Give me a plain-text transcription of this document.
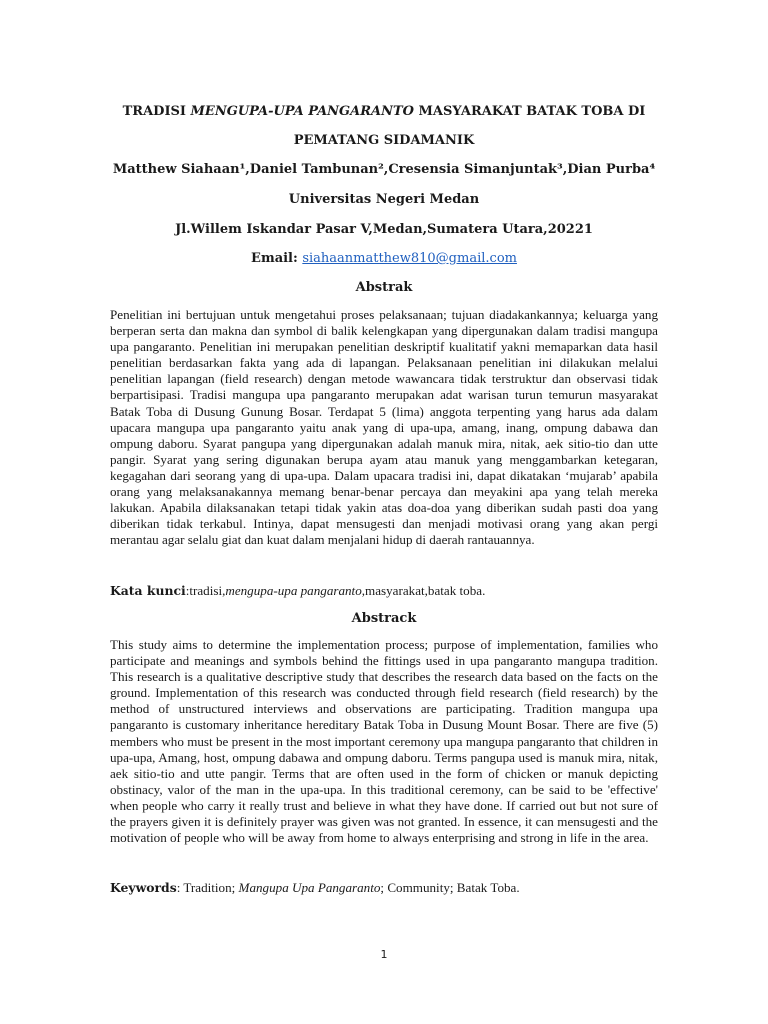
TRADISI MENGUPA-UPA PANGARANTO MASYARAKAT BATAK TOBA DI
PEMATANG SIDAMANIK
Matthew Siahaan¹,Daniel Tambunan²,Cresensia Simanjuntak³,Dian Purba⁴
Universitas Negeri Medan
Jl.Willem Iskandar Pasar V,Medan,Sumatera Utara,20221
Email: siahaanmatthew810@gmail.com
Abstrak

Penelitian ini bertujuan untuk mengetahui proses pelaksanaan; tujuan diadakankannya; keluarga yang berperan serta dan makna dan symbol di balik kelengkapan yang dipergunakan dalam tradisi mangupa upa pangaranto. Penelitian ini merupakan penelitian deskriptif kualitatif yakni memaparkan data hasil penelitian berdasarkan fakta yang ada di lapangan. Pelaksanaan penelitian ini dilakukan melalui penelitian lapangan (field research) dengan metode wawancara tidak terstruktur dan observasi tidak berpartisipasi. Tradisi mangupa upa pangaranto merupakan adat warisan turun temurun masyarakat Batak Toba di Dusung Gunung Bosar. Terdapat 5 (lima) anggota terpenting yang harus ada dalam upacara mangupa upa pangaranto yaitu anak yang di upa-upa, amang, inang, ompung dabawa dan ompung daboru. Syarat pangupa yang dipergunakan adalah manuk mira, nitak, aek sitio-tio dan utte pangir. Syarat yang sering digunakan berupa ayam atau manuk yang menggambarkan ketegaran, kegagahan dari seorang yang di upa-upa. Dalam upacara tradisi ini, dapat dikatakan ‘mujarab’ apabila orang yang melaksanakannya memang benar-benar percaya dan meyakini apa yang telah mereka lakukan. Apabila dilaksanakan tetapi tidak yakin atas doa-doa yang diberikan sudah pasti doa yang diberikan tidak terkabul. Intinya, dapat mensugesti dan menjadi motivasi orang yang akan pergi merantau agar selalu giat dan kuat dalam menjalani hidup di daerah rantauannya.

Kata kunci:tradisi,mengupa-upa pangaranto,masyarakat,batak toba.
Abstrack

This study aims to determine the implementation process; purpose of implementation, families who participate and meanings and symbols behind the fittings used in upa pangaranto mangupa tradition. This research is a qualitative descriptive study that describes the research data based on the facts on the ground. Implementation of this research was conducted through field research (field research) by the method of unstructured interviews and observations are participating. Tradition mangupa upa pangaranto is customary inheritance hereditary Batak Toba in Dusung Mount Bosar. There are five (5) members who must be present in the most important ceremony upa mangupa pangaranto that children in upa-upa, Amang, host, ompung dabawa and ompung daboru. Terms pangupa used is manuk mira, nitak, aek sitio-tio and utte pangir. Terms that are often used in the form of chicken or manuk depicting obstinacy, valor of the man in the upa-upa. In this traditional ceremony, can be said to be 'effective' when people who carry it really trust and believe in what they have done. If carried out but not sure of the prayers given it is definitely prayer was given was not granted. In essence, it can mensugesti and the motivation of people who will be away from home to always enterprising and strong in life in the area.

Keywords: Tradition; Mangupa Upa Pangaranto; Community; Batak Toba.
1
